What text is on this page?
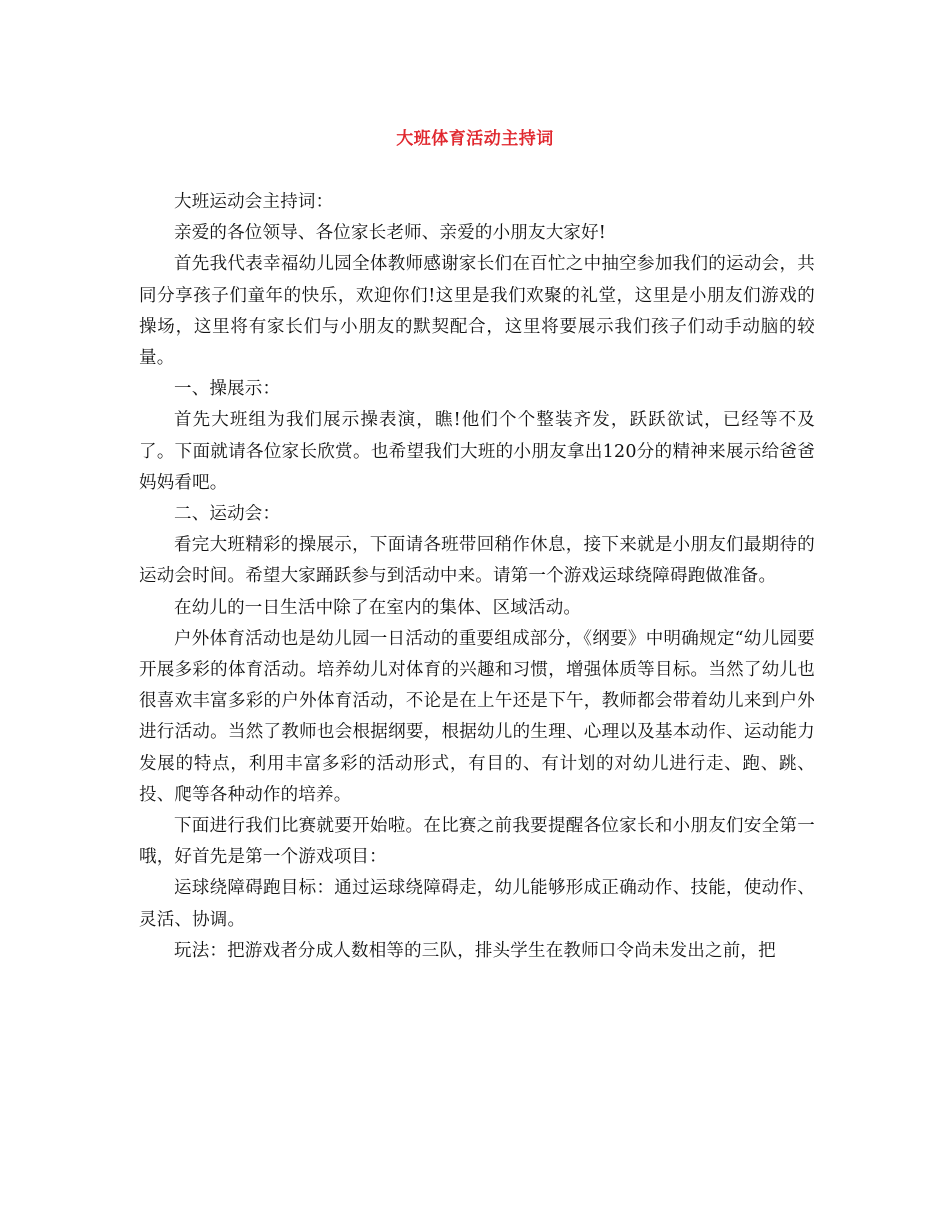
大班体育活动主持词

大班运动会主持词：

亲爱的各位领导、各位家长老师、亲爱的小朋友大家好!

首先我代表幸福幼儿园全体教师感谢家长们在百忙之中抽空参加我们的运动会，共同分享孩子们童年的快乐，欢迎你们!这里是我们欢聚的礼堂，这里是小朋友们游戏的操场，这里将有家长们与小朋友的默契配合，这里将要展示我们孩子们动手动脑的较量。

一、操展示：

首先大班组为我们展示操表演，瞧!他们个个整装齐发，跃跃欲试，已经等不及了。下面就请各位家长欣赏。也希望我们大班的小朋友拿出120分的精神来展示给爸爸妈妈看吧。

二、运动会：

看完大班精彩的操展示，下面请各班带回稍作休息，接下来就是小朋友们最期待的运动会时间。希望大家踊跃参与到活动中来。请第一个游戏运球绕障碍跑做准备。

在幼儿的一日生活中除了在室内的集体、区域活动。

户外体育活动也是幼儿园一日活动的重要组成部分，《纲要》中明确规定“幼儿园要开展多彩的体育活动。培养幼儿对体育的兴趣和习惯，增强体质等目标。当然了幼儿也很喜欢丰富多彩的户外体育活动，不论是在上午还是下午，教师都会带着幼儿来到户外进行活动。当然了教师也会根据纲要，根据幼儿的生理、心理以及基本动作、运动能力发展的特点，利用丰富多彩的活动形式，有目的、有计划的对幼儿进行走、跑、跳、投、爬等各种动作的培养。

下面进行我们比赛就要开始啦。在比赛之前我要提醒各位家长和小朋友们安全第一哦，好首先是第一个游戏项目：

运球绕障碍跑目标：通过运球绕障碍走，幼儿能够形成正确动作、技能，使动作、灵活、协调。

玩法：把游戏者分成人数相等的三队，排头学生在教师口令尚未发出之前，把
